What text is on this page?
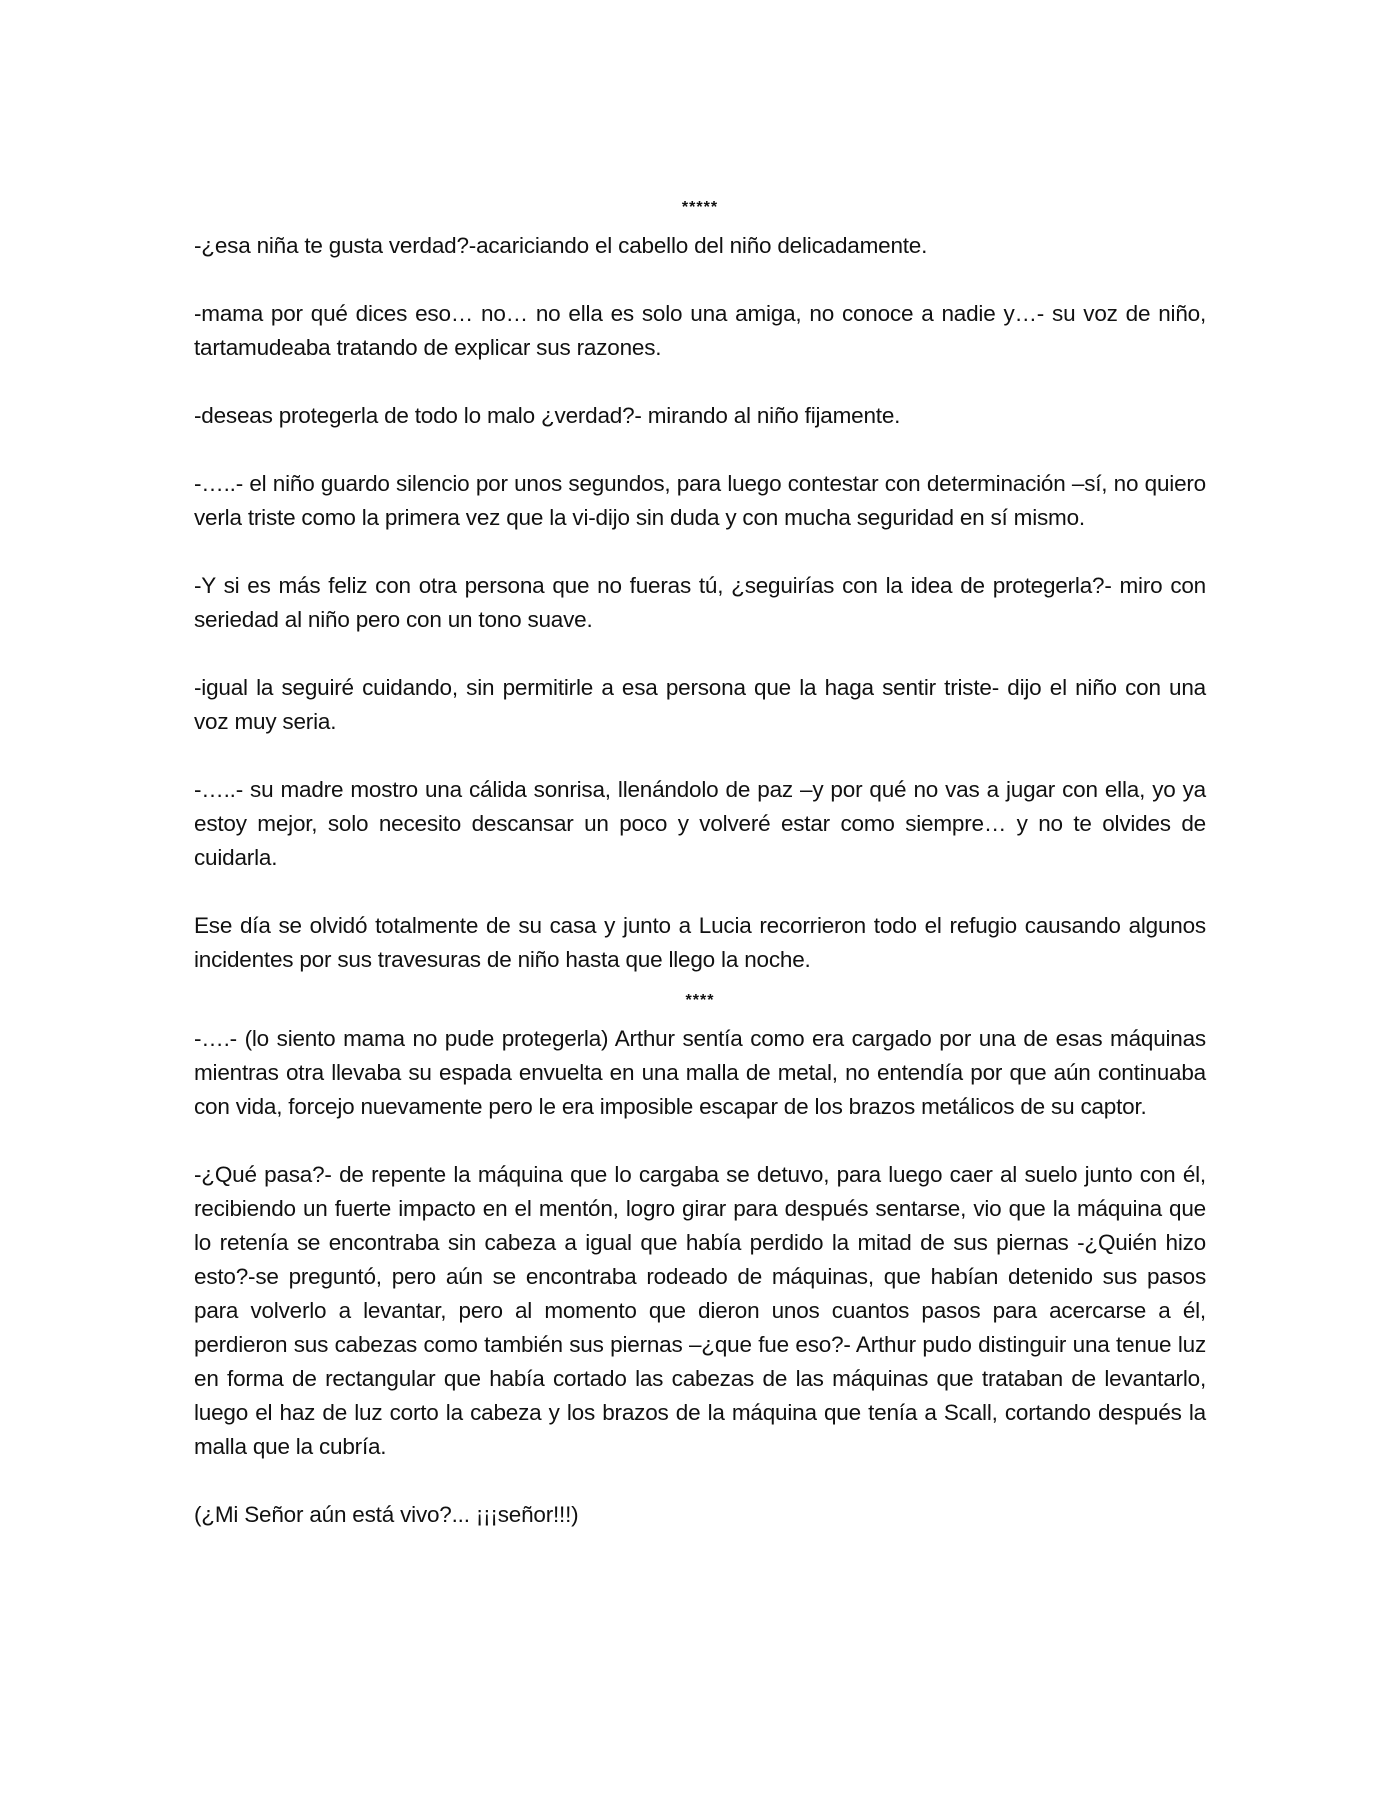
*****

-¿esa niña te gusta verdad?-acariciando el cabello del niño delicadamente.

-mama por qué dices eso… no… no ella es solo una amiga, no conoce a nadie y…- su voz de niño, tartamudeaba tratando de explicar sus razones.

-deseas protegerla de todo lo malo ¿verdad?- mirando al niño fijamente.

-…..- el niño guardo silencio por unos segundos, para luego contestar con determinación –sí, no quiero verla triste como la primera vez que la vi-dijo sin duda y con mucha seguridad en sí mismo.

-Y si es más feliz con otra persona que no fueras tú, ¿seguirías con la idea de protegerla?- miro con seriedad al niño pero con un tono suave.

-igual la seguiré cuidando, sin permitirle a esa persona que la haga sentir triste- dijo el niño con una voz muy seria.

-…..- su madre mostro una cálida sonrisa, llenándolo de paz –y por qué no vas a jugar con ella, yo ya estoy mejor, solo necesito descansar un poco y volveré estar como siempre… y no te olvides de cuidarla.

Ese día se olvidó totalmente de su casa y junto a Lucia recorrieron todo el refugio causando algunos incidentes por sus travesuras de niño hasta que llego la noche.

****

-….- (lo siento mama no pude protegerla) Arthur sentía como era cargado por una de esas máquinas mientras otra llevaba su espada envuelta en una malla de metal, no entendía por que aún continuaba con vida, forcejo nuevamente pero le era imposible escapar de los brazos metálicos de su captor.

-¿Qué pasa?- de repente la máquina que lo cargaba se detuvo, para luego caer al suelo junto con él, recibiendo un fuerte impacto en el mentón, logro girar para después sentarse, vio que la máquina que lo retenía se encontraba sin cabeza a igual que había perdido la mitad de sus piernas -¿Quién hizo esto?-se preguntó, pero aún se encontraba rodeado de máquinas, que habían detenido sus pasos para volverlo a levantar, pero al momento que dieron unos cuantos pasos para acercarse a él, perdieron sus cabezas como también sus piernas –¿que fue eso?- Arthur pudo distinguir una tenue luz en forma de rectangular que había cortado las cabezas de las máquinas que trataban de levantarlo, luego el haz de luz corto la cabeza y los brazos de la máquina que tenía a Scall, cortando después la malla que la cubría.

(¿Mi Señor aún está vivo?... ¡¡¡señor!!!)
